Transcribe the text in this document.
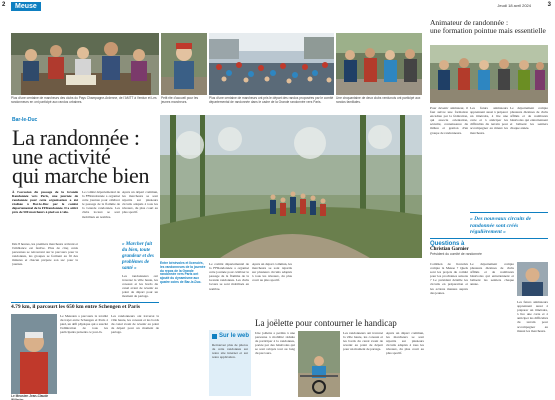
2	Meuse	Jeudi 18 avril 2024	3
Plus d'une centaine de marcheurs des clubs du Pays Champagne-Ardenne, de l'AMTT à Verdun et Les randonneurs en ont participé aux randos urbaines.
Petit rite d'accueil pour les jeunes marcheurs.
Plus d'une centaine de marcheurs ont pris le départ des randos proposées par le comité départemental de randonnée dans le cadre de la Grande randonnée vers Paris.
Une cinquantaine de deux clubs verdunois ont participé aux randos familiales.
Bar-le-Duc
La randonnée :
une activité
qui marche bien
À l'occasion du passage de la Grande Randonnée vers Paris, une journée de randonnée pour cette organisation a été réalisée à Bar-le-Duc par le comité départemental de la FFRandonnée. Il a attiré près de 500 marcheurs à pied ou à vélo.
Dès 8 heures, les premiers marcheurs arrivent et l'ambiance est festive. Plus de cinq cents personnes se retrouvent sur le parcours pour la randonnée, les groupes se forment au fil des minutes et chacun prépare son sac pour la journée.
Le comité départemental de la FFRandonnée a organisé cette journée pour célébrer le passage de la flamme de la Grande randonnée. Les clubs locaux se sont mobilisés en nombre.
Après un départ commun, les marcheurs se sont répartis sur plusieurs circuits adaptés à tous les niveaux, du plus court au plus sportif.
« Marcher fait du bien, toute grandeur et des problèmes de santé »
Les randonneurs ont traversé la ville haute, les coteaux et les bords du canal avant de revenir au point de départ pour un moment de partage.
Entre bénévoles et licenciés, les randonneurs de la journée du repos de la Grande randonnée vers Paris ont ajouté du dynamisme aux quatre coins de Bar-le-Duc.
Le comité départemental de la FFRandonnée a organisé cette journée pour célébrer le passage de la flamme de la Grande randonnée. Les clubs locaux se sont mobilisés en nombre.
Après un départ commun, les marcheurs se sont répartis sur plusieurs circuits adaptés à tous les niveaux, du plus court au plus sportif.
4.79 km, il parcourt les 650 km entre Schengen et Paris
Le Meusien Jean-Claude Willerier.
Le Meusien a parcouru la totalité du trajet entre Schengen et Paris à pied, un défi physique qui a suscité l'admiration de tous les participants présents ce jour-là.
Les randonneurs ont traversé la ville haute, les coteaux et les bords du canal avant de revenir au point de départ pour un moment de partage.
Sur le web
Retrouvez plus de photos de cette randonnée sur notre site internet et sur notre application.
La joëlette pour contourner le handicap
Une joëlette a permis à une personne à mobilité réduite de participer à la randonnée, portée par des bénévoles qui se sont relayés tout au long du parcours.
Les randonneurs ont traversé la ville haute, les coteaux et les bords du canal avant de revenir au point de départ pour un moment de partage.
Après un départ commun, les marcheurs se sont répartis sur plusieurs circuits adaptés à tous les niveaux, du plus court au plus sportif.
Animateur de randonnée :
une formation pointue mais essentielle
Pour devenir animateur, il faut suivre une formation encadrée par la fédération, qui associe orientation, sécurité, connaissance du milieu et gestion d'un groupe de randonneurs.
Les futurs animateurs apprennent aussi à préparer un itinéraire, à lire une carte et à anticiper les difficultés du terrain pour accompagner au mieux les marcheurs.
Le département compte plusieurs dizaines de clubs affiliés et de nombreux bénévoles qui entretiennent et balisent les sentiers chaque année.
« Des nouveaux circuits de randonnée sont créés régulièrement »
Questions à
Christian Garnier
Président du comité de randonnée
Combien de licenciés compte la Meuse ? Quels sont les projets du comité pour les prochaines saisons ? Le président détaille les circuits en préparation et les actions menées auprès des jeunes.
Le département compte plusieurs dizaines de clubs affiliés et de nombreux bénévoles qui entretiennent et balisent les sentiers chaque année.
Les futurs animateurs apprennent aussi à préparer un itinéraire, à lire une carte et à anticiper les difficultés du terrain pour accompagner au mieux les marcheurs.
